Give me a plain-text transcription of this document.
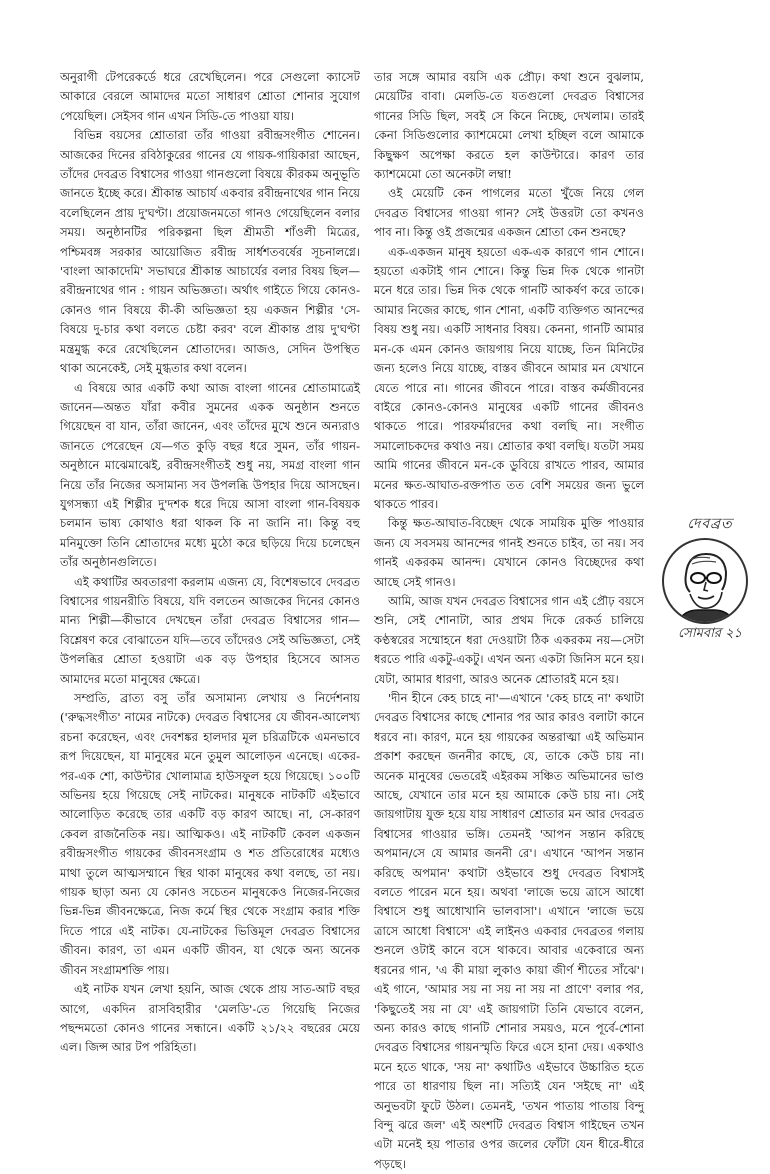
অনুরাগী টেপরেকর্ডে ধরে রেখেছিলেন। পরে সেগুলো ক্যাসেট আকারে বেরলে আমাদের মতো সাধারণ শ্রোতা শোনার সুযোগ পেয়েছিল। সেইসব গান এখন সিডি-তে পাওয়া যায়।

বিভিন্ন বয়সের শ্রোতারা তাঁর গাওয়া রবীন্দ্রসংগীত শোনেন। আজকের দিনের রবিঠাকুরের গানের যে গায়ক-গায়িকারা আছেন, তাঁদের দেবব্রত বিশ্বাসের গাওয়া গানগুলো বিষয়ে কীরকম অনুভূতি জানতে ইচ্ছে করে। শ্রীকান্ত আচার্য একবার রবীন্দ্রনাথের গান নিয়ে বলেছিলেন প্রায় দু'ঘণ্টা। প্রয়োজনমতো গানও গেয়েছিলেন বলার সময়। অনুষ্ঠানটির পরিকল্পনা ছিল শ্রীমতী শাঁওলী মিত্রের, পশ্চিমবঙ্গ সরকার আয়োজিত রবীন্দ্র সার্ধশতবর্ষের সূচনালগ্নে। 'বাংলা আকাদেমি' সভাঘরে শ্রীকান্ত আচার্যের বলার বিষয় ছিল—রবীন্দ্রনাথের গান : গায়ন অভিজ্ঞতা। অর্থাৎ গাইতে গিয়ে কোনও-কোনও গান বিষয়ে কী-কী অভিজ্ঞতা হয় একজন শিল্পীর 'সে-বিষয়ে দু-চার কথা বলতে চেষ্টা করব' বলে শ্রীকান্ত প্রায় দু'ঘণ্টা মন্ত্রমুগ্ধ করে রেখেছিলেন শ্রোতাদের। আজও, সেদিন উপস্থিত থাকা অনেকেই, সেই মুগ্ধতার কথা বলেন।

এ বিষয়ে আর একটি কথা আজ বাংলা গানের শ্রোতামাত্রেই জানেন—অন্তত যাঁরা কবীর সুমনের একক অনুষ্ঠান শুনতে গিয়েছেন বা যান, তাঁরা জানেন, এবং তাঁদের মুখে শুনে অন্যরাও জানতে পেরেছেন যে—গত কুড়ি বছর ধরে সুমন, তাঁর গায়ন-অনুষ্ঠানে মাঝেমাঝেই, রবীন্দ্রসংগীতই শুধু নয়, সমগ্র বাংলা গান নিয়ে তাঁর নিজের অসামান্য সব উপলব্ধি উপহার দিয়ে আসছেন। যুগসন্ধ্যা এই শিল্পীর দু'দশক ধরে দিয়ে আসা বাংলা গান-বিষয়ক চলমান ভাষ্য কোথাও ধরা থাকল কি না জানি না। কিন্তু বহু মনিমুক্তো তিনি শ্রোতাদের মধ্যে মুঠো করে ছড়িয়ে দিয়ে চলেছেন তাঁর অনুষ্ঠানগুলিতে।

এই কথাটির অবতারণা করলাম এজন্য যে, বিশেষভাবে দেবব্রত বিশ্বাসের গায়নরীতি বিষয়ে, যদি বলতেন আজকের দিনের কোনও মান্য শিল্পী—কীভাবে দেখছেন তাঁরা দেবব্রত বিশ্বাসের গান—বিশ্লেষণ করে বোঝাতেন যদি—তবে তাঁদেরও সেই অভিজ্ঞতা, সেই উপলব্ধির শ্রোতা হওয়াটা এক বড় উপহার হিসেবে আসত আমাদের মতো মানুষের ক্ষেত্রে।

সম্প্রতি, ব্রাত্য বসু তাঁর অসামান্য লেখায় ও নির্দেশনায় ('রুদ্ধসংগীত' নামের নাটকে) দেবব্রত বিশ্বাসের যে জীবন-আলেখ্য রচনা করেছেন, এবং দেবশঙ্কর হালদার মূল চরিত্রটিকে এমনভাবে রূপ দিয়েছেন, যা মানুষের মনে তুমুল আলোড়ন এনেছে। একের-পর-এক শো, কাউন্টার খোলামাত্র হাউসফুল হয়ে গিয়েছে। ১০০টি অভিনয় হয়ে গিয়েছে সেই নাটকের। মানুষকে নাটকটি এইভাবে আলোড়িত করেছে তার একটি বড় কারণ আছে। না, সে-কারণ কেবল রাজনৈতিক নয়। আত্মিকও। এই নাটকটি কেবল একজন রবীন্দ্রসংগীত গায়কের জীবনসংগ্রাম ও শত প্রতিরোধের মধ্যেও মাথা তুলে আত্মসম্মানে স্থির থাকা মানুষের কথা বলছে, তা নয়। গায়ক ছাড়া অন্য যে কোনও সচেতন মানুষকেও নিজের-নিজের ভিন্ন-ভিন্ন জীবনক্ষেত্রে, নিজ কর্মে স্থির থেকে সংগ্রাম করার শক্তি দিতে পারে এই নাটক। যে-নাটকের ভিত্তিমূল দেবব্রত বিশ্বাসের জীবন। কারণ, তা এমন একটি জীবন, যা থেকে অন্য অনেক জীবন সংগ্রামশক্তি পায়।

এই নাটক যখন লেখা হয়নি, আজ থেকে প্রায় সাত-আট বছর আগে, একদিন রাসবিহারীর 'মেলডি'-তে গিয়েছি নিজের পছন্দমতো কোনও গানের সন্ধানে। একটি ২১/২২ বছরের মেয়ে এল। জিন্স আর টপ পরিহিতা।

তার সঙ্গে আমার বয়সি এক প্রৌঢ়। কথা শুনে বুঝলাম, মেয়েটির বাবা। মেলডি-তে যতগুলো দেবব্রত বিশ্বাসের গানের সিডি ছিল, সবই সে কিনে নিচ্ছে, দেখলাম। তারই কেনা সিডিগুলোর ক্যাশমেমো লেখা হচ্ছিল বলে আমাকে কিছুক্ষণ অপেক্ষা করতে হল কাউন্টারে। কারণ তার ক্যাশমেমো তো অনেকটা লম্বা!

ওই মেয়েটি কেন পাগলের মতো খুঁজে নিয়ে গেল দেবব্রত বিশ্বাসের গাওয়া গান? সেই উত্তরটা তো কখনও পাব না। কিন্তু ওই প্রজন্মের একজন শ্রোতা কেন শুনছে?

এক-একজন মানুষ হয়তো এক-এক কারণে গান শোনে। হয়তো একটাই গান শোনে। কিন্তু ভিন্ন দিক থেকে গানটা মনে ধরে তার। ভিন্ন দিক থেকে গানটি আকর্ষণ করে তাকে। আমার নিজের কাছে, গান শোনা, একটি ব্যক্তিগত আনন্দের বিষয় শুধু নয়। একটি সাধনার বিষয়। কেননা, গানটি আমার মন-কে এমন কোনও জায়গায় নিয়ে যাচ্ছে, তিন মিনিটের জন্য হলেও নিয়ে যাচ্ছে, বাস্তব জীবনে আমার মন যেখানে যেতে পারে না। গানের জীবনে পারে। বাস্তব কর্মজীবনের বাইরে কোনও-কোনও মানুষের একটি গানের জীবনও থাকতে পারে। পারফর্মারদের কথা বলছি না। সংগীত সমালোচকদের কথাও নয়। শ্রোতার কথা বলছি। যতটা সময় আমি গানের জীবনে মন-কে ডুবিয়ে রাখতে পারব, আমার মনের ক্ষত-আঘাত-রক্তপাত তত বেশি সময়ের জন্য ভুলে থাকতে পারব।

কিন্তু ক্ষত-আঘাত-বিচ্ছেদ থেকে সাময়িক মুক্তি পাওয়ার জন্য যে সবসময় আনন্দের গানই শুনতে চাইব, তা নয়। সব গানই একরকম আনন্দ। যেখানে কোনও বিচ্ছেদের কথা আছে সেই গানও।

আমি, আজ যখন দেবব্রত বিশ্বাসের গান এই প্রৌঢ় বয়সে শুনি, সেই শোনাটা, আর প্রথম দিকে রেকর্ড চালিয়ে কণ্ঠস্বরের সম্মোহনে ধরা দেওয়াটা ঠিক একরকম নয়—সেটা ধরতে পারি একটু-একটু। এখন অন্য একটা জিনিস মনে হয়। যেটা, আমার ধারণা, আরও অনেক শ্রোতারই মনে হয়।

'দীন হীনে কেহ চাহে না'—এখানে 'কেহ চাহে না' কথাটা দেবব্রত বিশ্বাসের কাছে শোনার পর আর কারও বলাটা কানে ধরবে না। কারণ, মনে হয় গায়কের অন্তরাত্মা এই অভিমান প্রকাশ করছেন জননীর কাছে, যে, তাকে কেউ চায় না। অনেক মানুষের ভেতরেই এইরকম সঞ্চিত অভিমানের ভাণ্ড আছে, যেখানে তার মনে হয় আমাকে কেউ চায় না। সেই জায়গাটায় যুক্ত হয়ে যায় সাধারণ শ্রোতার মন আর দেবব্রত বিশ্বাসের গাওয়ার ভঙ্গি। তেমনই 'আপন সন্তান করিছে অপমান/সে যে আমার জননী রে'। এখানে 'আপন সন্তান করিছে অপমান' কথাটা ওইভাবে শুধু দেবব্রত বিশ্বাসই বলতে পারেন মনে হয়। অথবা 'লাজে ভয়ে ত্রাসে আধো বিশ্বাসে শুধু আধোখানি ভালবাসা'। এখানে 'লাজে ভয়ে ত্রাসে আধো বিশ্বাসে' এই লাইনও একবার দেবব্রতর গলায় শুনলে ওটাই কানে বসে থাকবে। আবার একেবারে অন্য ধরনের গান, 'এ কী মায়া লুকাও কায়া জীর্ণ শীতের সাঁঝে'। এই গানে, 'আমার সয় না সয় না সয় না প্রাণে' বলার পর, 'কিছুতেই সয় না যে' এই জায়গাটা তিনি যেভাবে বলেন, অন্য কারও কাছে গানটি শোনার সময়ও, মনে পূর্বে-শোনা দেবব্রত বিশ্বাসের গায়নস্মৃতি ফিরে এসে হানা দেয়। একথাও মনে হতে থাকে, 'সয় না' কথাটিও এইভাবে উচ্চারিত হতে পারে তা ধারণায় ছিল না। সত্যিই যেন 'সইছে না' এই অনুভবটা ফুটে উঠল। তেমনই, 'তখন পাতায় পাতায় বিন্দু বিন্দু ঝরে জল' এই অংশটি দেবব্রত বিশ্বাস গাইছেন তখন এটা মনেই হয় পাতার ওপর জলের ফোঁটা যেন ধীরে-ধীরে পড়ছে।

দেবব্রত
সোমবার ২১
